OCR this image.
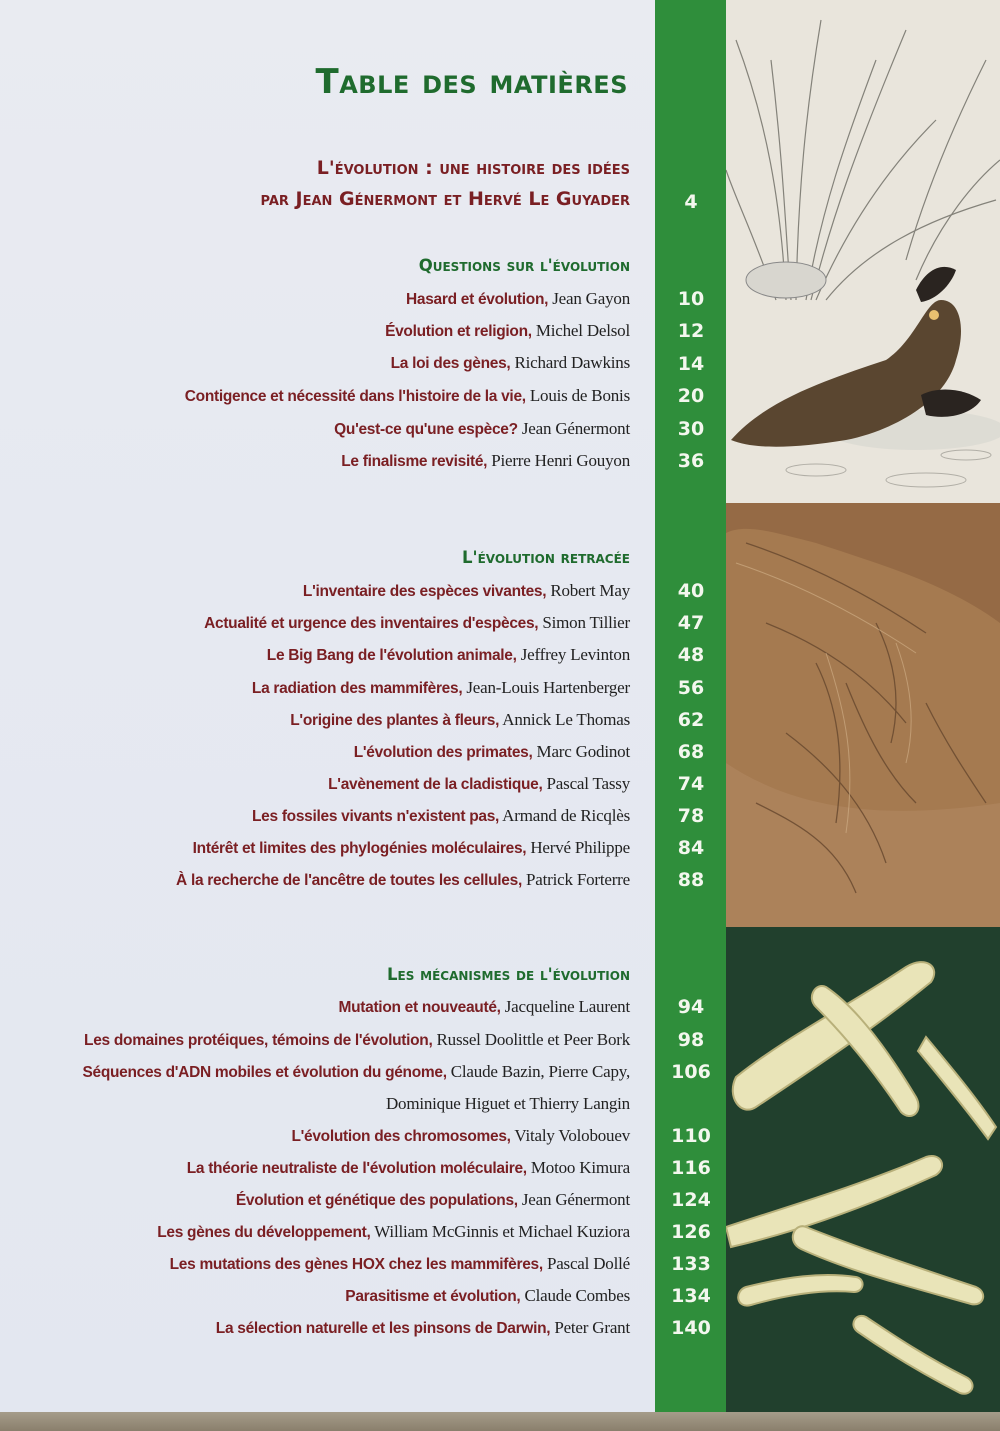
Table des matières
L'évolution : une histoire des idées
par Jean Génermont et Hervé Le Guyader	4
Questions sur l'évolution
Hasard et évolution, Jean Gayon	10
Évolution et religion, Michel Delsol	12
La loi des gènes, Richard Dawkins	14
Contigence et nécessité dans l'histoire de la vie, Louis de Bonis	20
Qu'est-ce qu'une espèce? Jean Génermont	30
Le finalisme revisité, Pierre Henri Gouyon	36
L'évolution retracée
L'inventaire des espèces vivantes, Robert May	40
Actualité et urgence des inventaires d'espèces, Simon Tillier	47
Le Big Bang de l'évolution animale, Jeffrey Levinton	48
La radiation des mammifères, Jean-Louis Hartenberger	56
L'origine des plantes à fleurs, Annick Le Thomas	62
L'évolution des primates, Marc Godinot	68
L'avènement de la cladistique, Pascal Tassy	74
Les fossiles vivants n'existent pas, Armand de Ricqlès	78
Intérêt et limites des phylogénies moléculaires, Hervé Philippe	84
À la recherche de l'ancêtre de toutes les cellules, Patrick Forterre	88
Les mécanismes de l'évolution
Mutation et nouveauté, Jacqueline Laurent	94
Les domaines protéiques, témoins de l'évolution, Russel Doolittle et Peer Bork	98
Séquences d'ADN mobiles et évolution du génome, Claude Bazin, Pierre Capy,	106
Dominique Higuet et Thierry Langin
L'évolution des chromosomes, Vitaly Volobouev	110
La théorie neutraliste de l'évolution moléculaire, Motoo Kimura	116
Évolution et génétique des populations, Jean Génermont	124
Les gènes du développement, William McGinnis et Michael Kuziora	126
Les mutations des gènes HOX chez les mammifères, Pascal Dollé	133
Parasitisme et évolution, Claude Combes	134
La sélection naturelle et les pinsons de Darwin, Peter Grant	140
